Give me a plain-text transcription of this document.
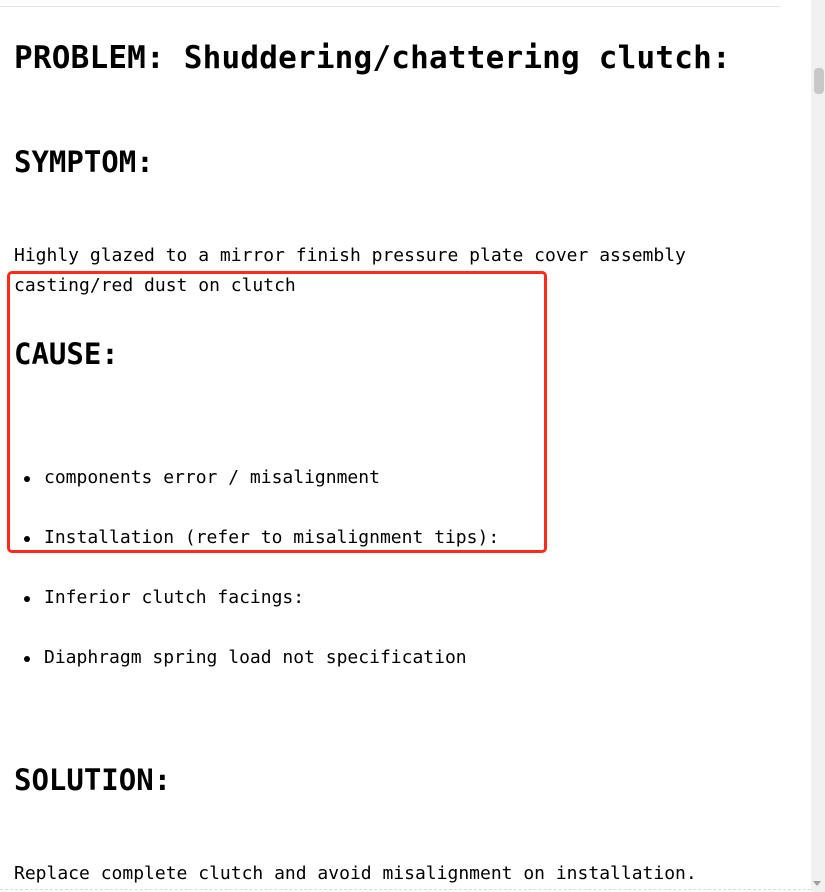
PROBLEM: Shuddering/chattering clutch:
SYMPTOM:
Highly glazed to a mirror finish pressure plate cover assembly
casting/red dust on clutch
CAUSE:
components error / misalignment
Installation (refer to misalignment tips):
Inferior clutch facings:
Diaphragm spring load not specification
SOLUTION:
Replace complete clutch and avoid misalignment on installation.
